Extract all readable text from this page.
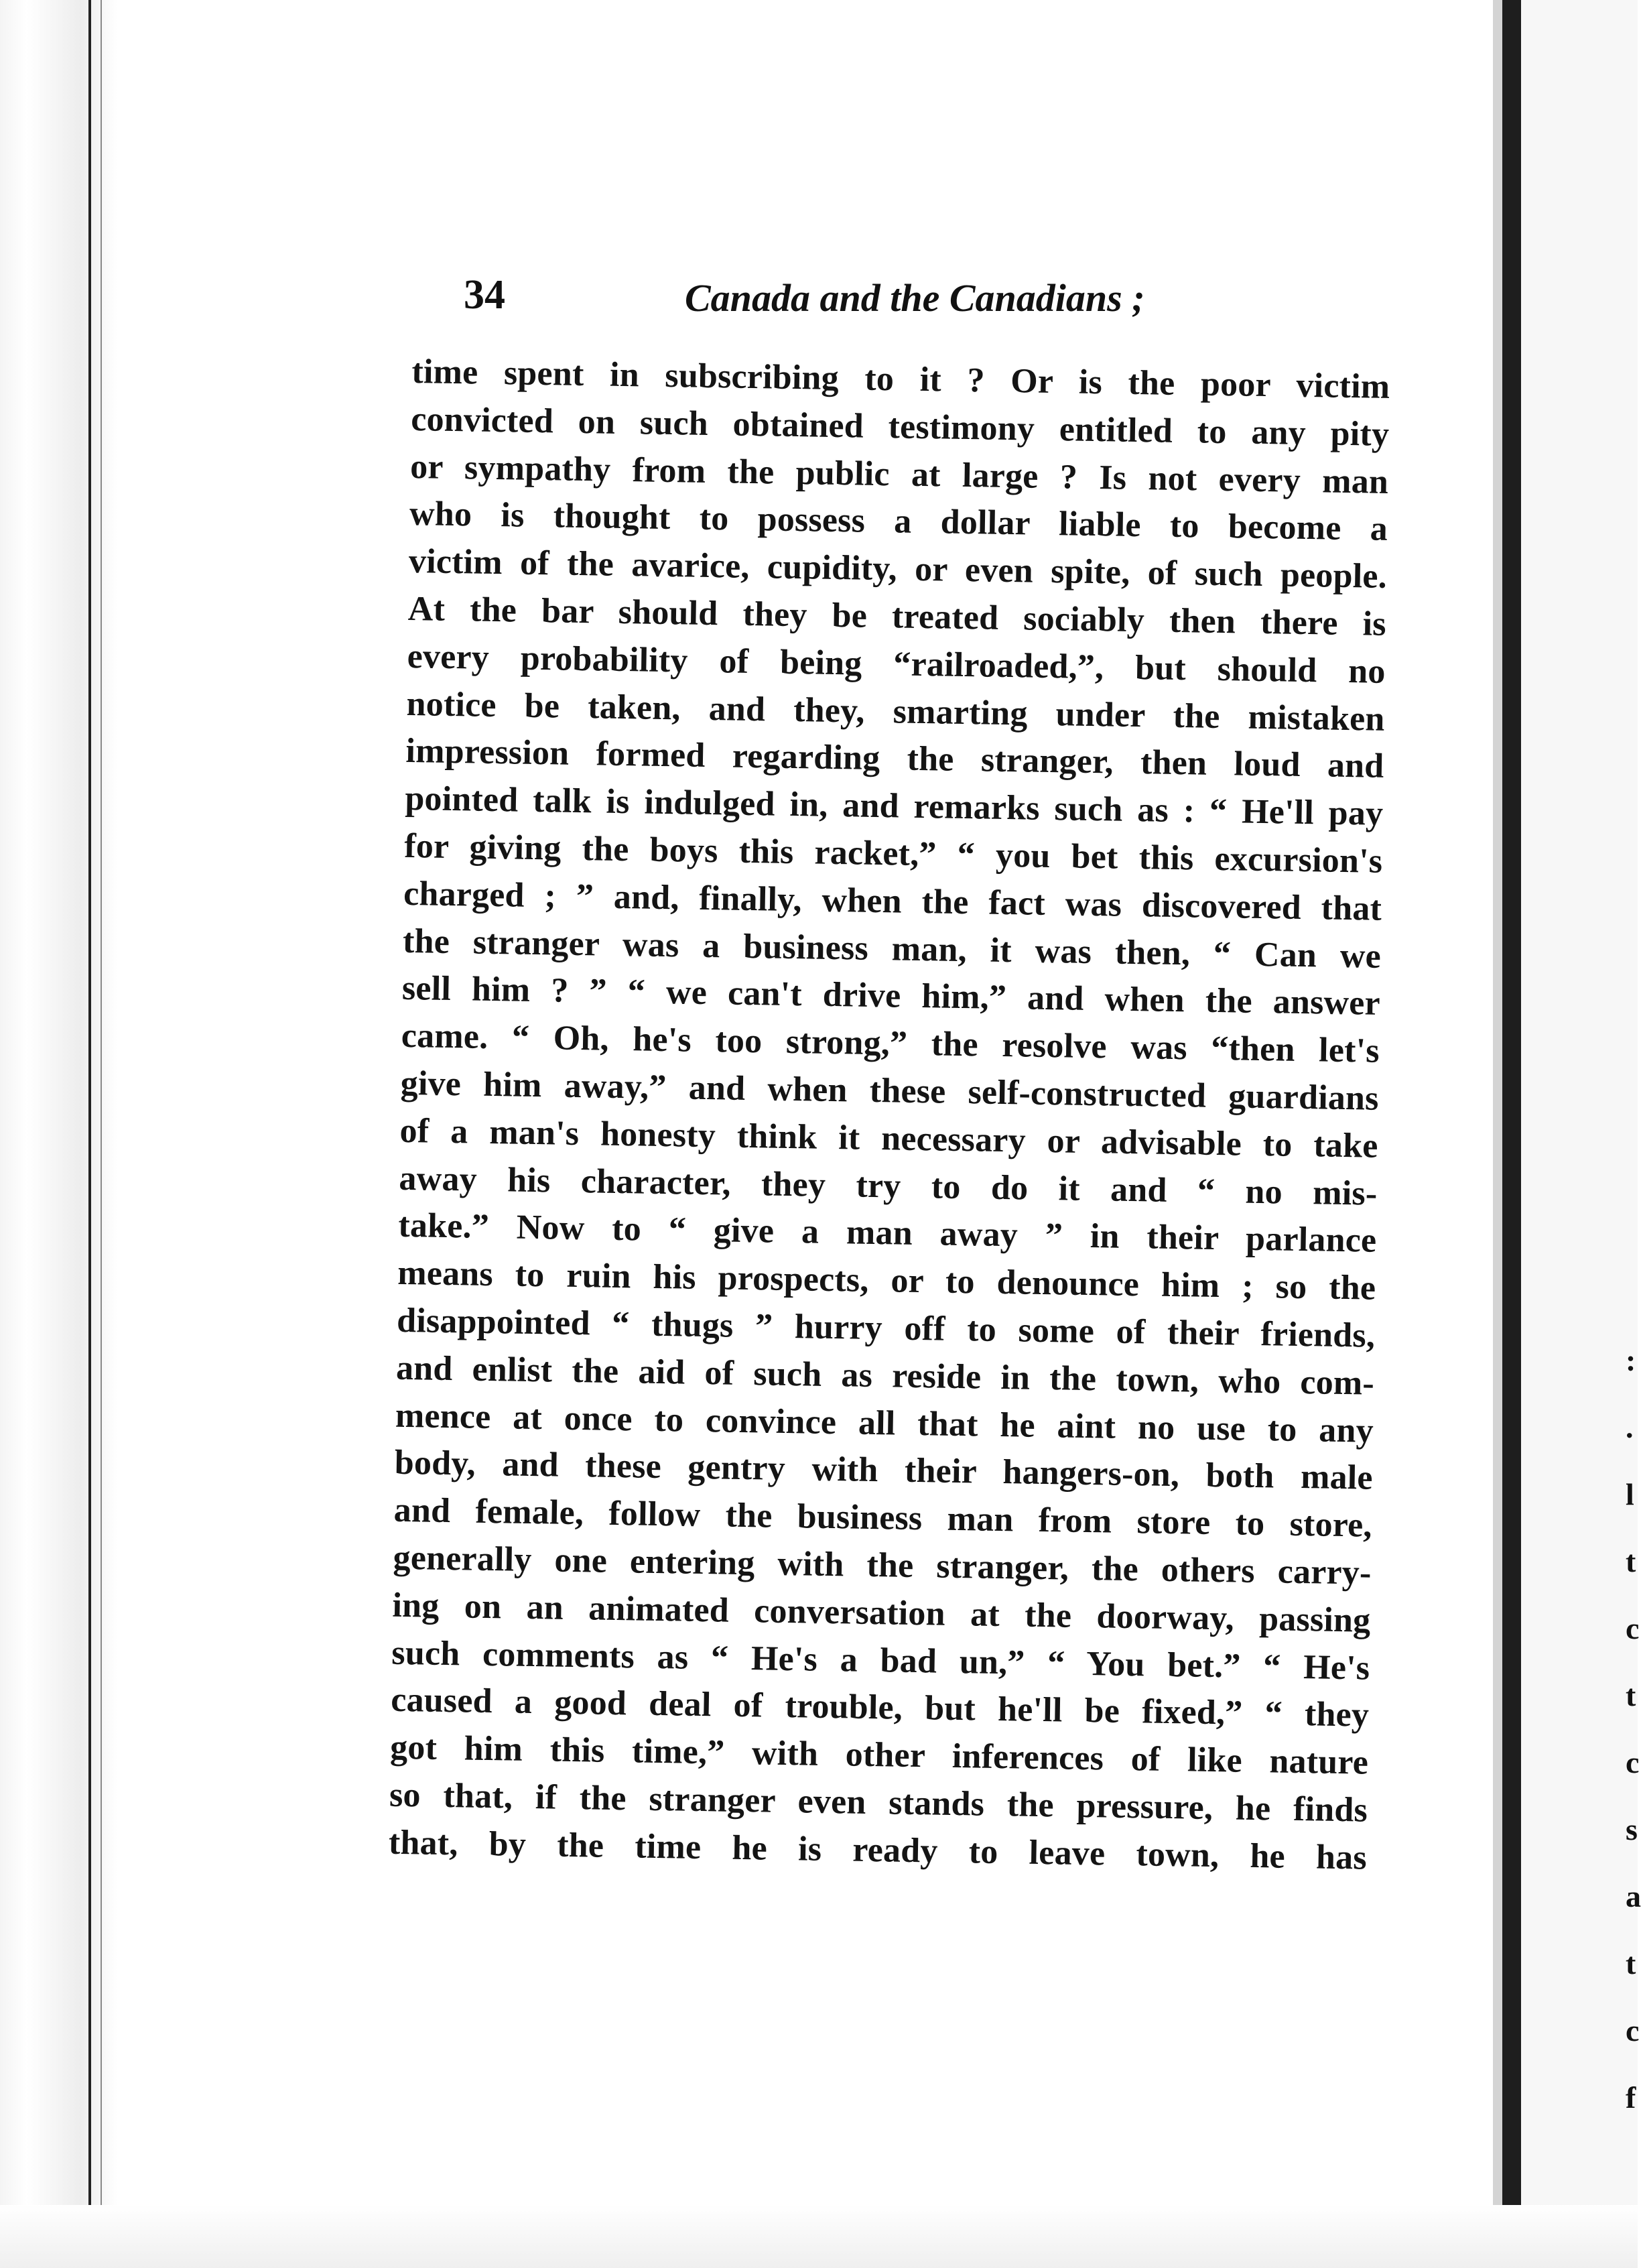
:
.
l
t
c
t
c
s
a
t
c
f
34	Canada and the Canadians ;
time spent in subscribing to it ? Or is the poor victim
convicted on such obtained testimony entitled to any pity
or sympathy from the public at large ? Is not every man
who is thought to possess a dollar liable to become a
victim of the avarice, cupidity, or even spite, of such people.
At the bar should they be treated sociably then there is
every probability of being “railroaded,”, but should no
notice be taken, and they, smarting under the mistaken
impression formed regarding the stranger, then loud and
pointed talk is indulged in, and remarks such as : “ He'll pay
for giving the boys this racket,” “ you bet this excursion's
charged ; ” and, finally, when the fact was discovered that
the stranger was a business man, it was then, “ Can we
sell him ? ” “ we can't drive him,” and when the answer
came. “ Oh, he's too strong,” the resolve was “then let's
give him away,” and when these self-constructed guardians
of a man's honesty think it necessary or advisable to take
away his character, they try to do it and “ no mis-
take.” Now to “ give a man away ” in their parlance
means to ruin his prospects, or to denounce him ; so the
disappointed “ thugs ” hurry off to some of their friends,
and enlist the aid of such as reside in the town, who com-
mence at once to convince all that he aint no use to any
body, and these gentry with their hangers-on, both male
and female, follow the business man from store to store,
generally one entering with the stranger, the others carry-
ing on an animated conversation at the doorway, passing
such comments as “ He's a bad un,” “ You bet.” “ He's
caused a good deal of trouble, but he'll be fixed,” “ they
got him this time,” with other inferences of like nature
so that, if the stranger even stands the pressure, he finds
that, by the time he is ready to leave town, he has
